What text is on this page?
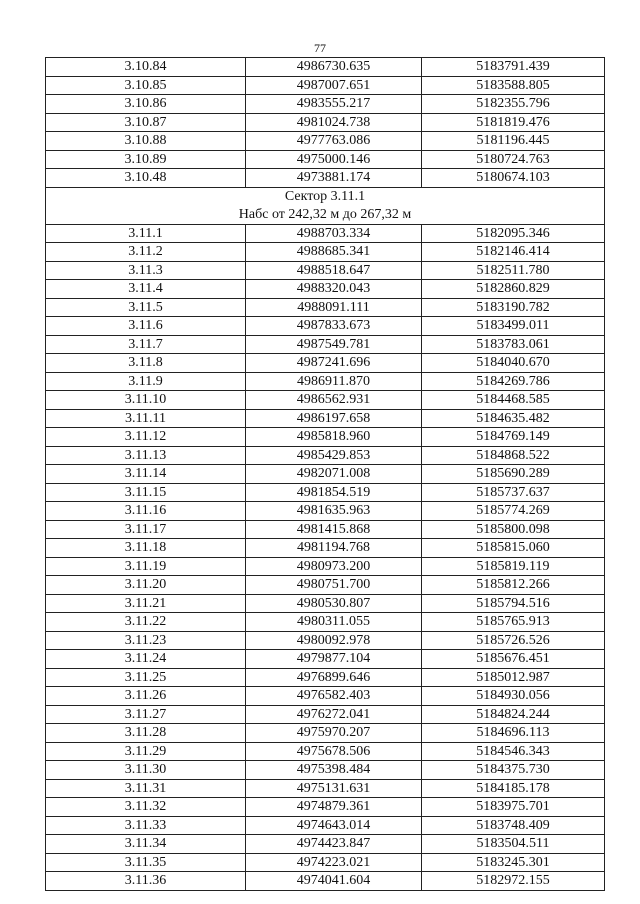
77
3.10.84	4986730.635	5183791.439
3.10.85	4987007.651	5183588.805
3.10.86	4983555.217	5182355.796
3.10.87	4981024.738	5181819.476
3.10.88	4977763.086	5181196.445
3.10.89	4975000.146	5180724.763
3.10.48	4973881.174	5180674.103

Сектор 3.11.1
Набс от 242,32 м до 267,32 м		

3.11.1	4988703.334	5182095.346
3.11.2	4988685.341	5182146.414
3.11.3	4988518.647	5182511.780
3.11.4	4988320.043	5182860.829
3.11.5	4988091.111	5183190.782
3.11.6	4987833.673	5183499.011
3.11.7	4987549.781	5183783.061
3.11.8	4987241.696	5184040.670
3.11.9	4986911.870	5184269.786
3.11.10	4986562.931	5184468.585
3.11.11	4986197.658	5184635.482
3.11.12	4985818.960	5184769.149
3.11.13	4985429.853	5184868.522
3.11.14	4982071.008	5185690.289
3.11.15	4981854.519	5185737.637
3.11.16	4981635.963	5185774.269
3.11.17	4981415.868	5185800.098
3.11.18	4981194.768	5185815.060
3.11.19	4980973.200	5185819.119
3.11.20	4980751.700	5185812.266
3.11.21	4980530.807	5185794.516
3.11.22	4980311.055	5185765.913
3.11.23	4980092.978	5185726.526
3.11.24	4979877.104	5185676.451
3.11.25	4976899.646	5185012.987
3.11.26	4976582.403	5184930.056
3.11.27	4976272.041	5184824.244
3.11.28	4975970.207	5184696.113
3.11.29	4975678.506	5184546.343
3.11.30	4975398.484	5184375.730
3.11.31	4975131.631	5184185.178
3.11.32	4974879.361	5183975.701
3.11.33	4974643.014	5183748.409
3.11.34	4974423.847	5183504.511
3.11.35	4974223.021	5183245.301
3.11.36	4974041.604	5182972.155
